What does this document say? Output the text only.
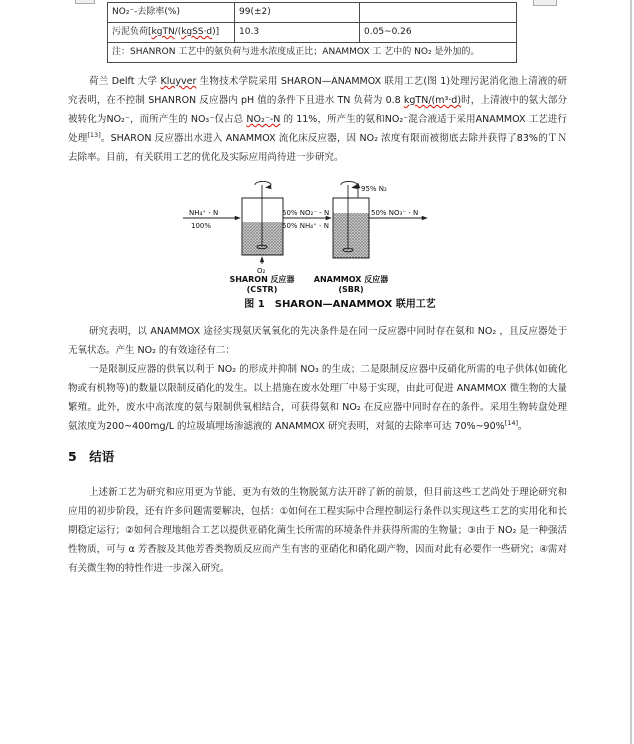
NO₂⁻-去除率(%)	99(±2)	
污泥负荷[kgTN/(kgSS·d)]	10.3	0.05~0.26
注：SHANRON 工艺中的氨负荷与进水浓度成正比；ANAMMOX 工 艺中的 NO₂ 是外加的。		
荷兰 Delft 大学 Kluyver 生物技术学院采用 SHARON—ANAMMOX 联用工艺(图 1)处理污泥消化池上清液的研究表明，在不控制 SHANRON 反应器内 pH 值的条件下且进水 TN 负荷为 0.8 kgTN/(m³·d)时，上清液中的氨大部分被转化为NO₂⁻，而所产生的 NO₃⁻仅占总 NO₂⁻-N 的 11%，所产生的氨和NO₂⁻混合液适于采用ANAMMOX 工艺进行处理[13]。SHARON 反应器出水进入 ANAMMOX 流化床反应器，因 NO₂ 浓度有限而被彻底去除并获得了83%的ＴＮ去除率。目前，有关联用工艺的优化及实际应用尚待进一步研究。
NH₄⁺ - N
100%
50% NO₂⁻ - N
50% NH₄⁺ - N
95% N₂
50% NO₃⁻ - N
O₂
SHARON 反应器
(CSTR)
ANAMMOX 反应器
(SBR)
图 1　SHARON—ANAMMOX 联用工艺
研究表明，以 ANAMMOX 途径实现氨厌氧氧化的先决条件是在同一反应器中同时存在氨和 NO₂ ，且反应器处于无氧状态。产生 NO₂ 的有效途径有二：
一是限制反应器的供氧以利于 NO₂ 的形成并抑制 NO₃ 的生成；二是限制反应器中反硝化所需的电子供体(如硫化物或有机物等)的数量以限制反硝化的发生。以上措施在废水处理厂中易于实现，由此可促进 ANAMMOX 微生物的大量繁殖。此外，废水中高浓度的氨与限制供氧相结合，可获得氨和 NO₂ 在反应器中同时存在的条件。采用生物转盘处理氨浓度为200~400mg/L 的垃圾填埋场渗滤液的 ANAMMOX 研究表明，对氮的去除率可达 70%~90%[14]。
5　结语
上述新工艺为研究和应用更为节能、更为有效的生物脱氮方法开辟了新的前景，但目前这些工艺尚处于理论研究和应用的初步阶段，还有许多问题需要解决，包括：①如何在工程实际中合理控制运行条件以实现这些工艺的实用化和长期稳定运行；②如何合理地组合工艺以提供亚硝化菌生长所需的环境条件并获得所需的生物量；③由于 NO₂ 是一种强活性物质，可与 α 芳香胺及其他芳香类物质反应而产生有害的亚硝化和硝化副产物，因而对此有必要作一些研究；④需对有关微生物的特性作进一步深入研究。
